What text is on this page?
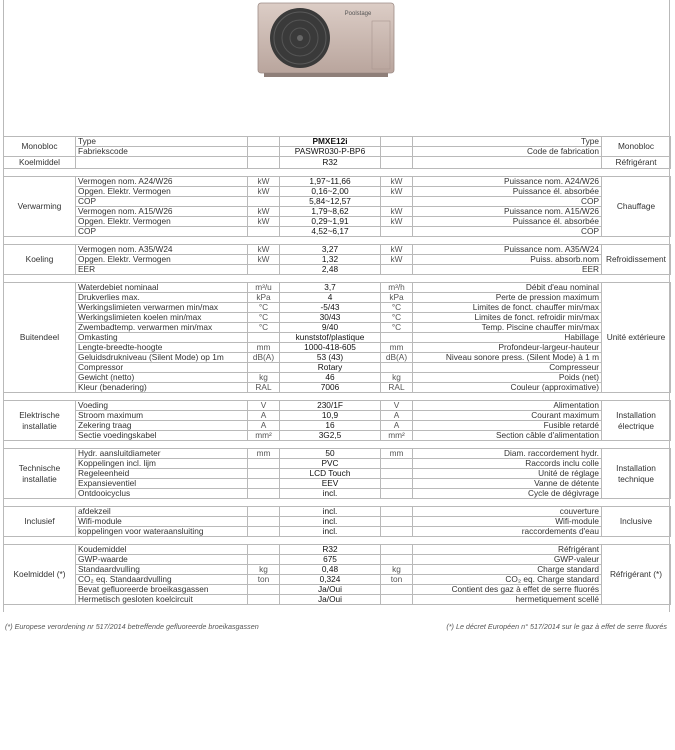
Poolstage
Monobloc	Type		PMXE12i		Type	Monobloc
	Fabriekscode		PASWR030-P-BP6		Code de fabrication	
Koelmiddel			R32			Réfrigérant

Verwarming	Vermogen nom. A24/W26	kW	1,97~11,66	kW	Puissance nom. A24/W26	Chauffage
	Opgen. Elektr. Vermogen	kW	0,16~2,00	kW	Puissance él. absorbée	
	COP		5,84~12,57		COP	
	Vermogen nom. A15/W26	kW	1,79~8,62	kW	Puissance nom. A15/W26	
	Opgen. Elektr. Vermogen	kW	0,29~1,91	kW	Puissance él. absorbée	
	COP		4,52~6,17		COP	

Koeling	Vermogen nom. A35/W24	kW	3,27	kW	Puissance nom. A35/W24	Refroidissement
	Opgen. Elektr. Vermogen	kW	1,32	kW	Puiss. absorb.nom	
	EER		2,48		EER	

Buitendeel	Waterdebiet nominaal	m³/u	3,7	m³/h	Débit d'eau nominal	Unité extérieure
	Drukverlies max.	kPa	4	kPa	Perte de pression maximum	
	Werkingslimieten verwarmen min/max	°C	-5/43	°C	Limites de fonct. chauffer min/max	
	Werkingslimieten koelen min/max	°C	30/43	°C	Limites de fonct. refroidir min/max	
	Zwembadtemp. verwarmen min/max	°C	9/40	°C	Temp. Piscine chauffer min/max	
	Omkasting		kunststof/plastique		Habillage	
	Lengte-breedte-hoogte	mm	1000-418-605	mm	Profondeur-largeur-hauteur	
	Geluidsdrukniveau (Silent Mode) op 1m	dB(A)	53 (43)	dB(A)	Niveau sonore press. (Silent Mode) à 1 m	
	Compressor		Rotary		Compresseur	
	Gewicht (netto)	kg	46	kg	Poids (net)	
	Kleur (benadering)	RAL	7006	RAL	Couleur (approximative)	

Elektrische installatie	Voeding	V	230/1F	V	Alimentation	Installation électrique
	Stroom maximum	A	10,9	A	Courant maximum	
	Zekering traag	A	16	A	Fusible retardé	
	Sectie voedingskabel	mm²	3G2,5	mm²	Section câble d'alimentation	

Technische installatie	Hydr. aansluitdiameter	mm	50	mm	Diam. raccordement hydr.	Installation technique
	Koppelingen incl. lijm		PVC		Raccords inclu colle	
	Regeleenheid		LCD Touch		Unité de réglage	
	Expansieventiel		EEV		Vanne de détente	
	Ontdooicyclus		incl.		Cycle de dégivrage	

Inclusief	afdekzeil		incl.		couverture	Inclusive
	Wifi-module		incl.		Wifi-module	
	koppelingen voor wateraansluiting		incl.		raccordements d'eau	

Koelmiddel (*)	Koudemiddel		R32		Réfrigérant	Réfrigérant (*)
	GWP-waarde		675		GWP-valeur	
	Standaardvulling	kg	0,48	kg	Charge standard	
	CO₂ eq. Standaardvulling	ton	0,324	ton	CO₂ eq. Charge standard	
	Bevat gefluoreerde broeikasgassen		Ja/Oui		Contient des gaz à effet de serre fluorés	
	Hermetisch gesloten koelcircuit		Ja/Oui		hermetiquement scellé	
(*) Europese verordening nr 517/2014 betreffende gefluoreerde broeikasgassen	(*) Le décret Européen n° 517/2014 sur le gaz à effet de serre fluorés
